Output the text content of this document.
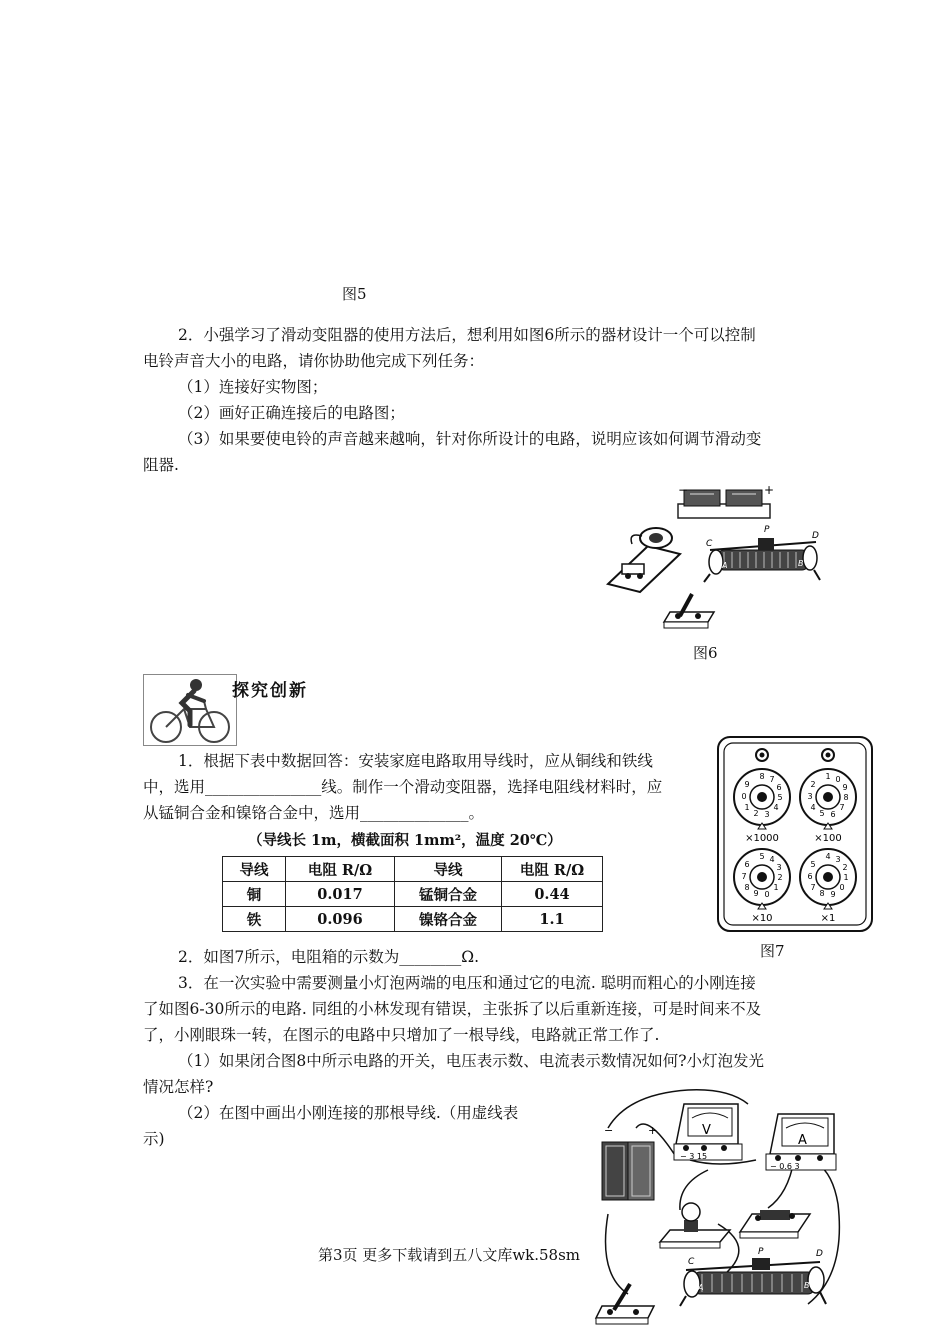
图5
2．小强学习了滑动变阻器的使用方法后，想利用如图6所示的器材设计一个可以控制
电铃声音大小的电路，请你协助他完成下列任务：
（1）连接好实物图；
（2）画好正确连接后的电路图；
（3）如果要使电铃的声音越来越响，针对你所设计的电路，说明应该如何调节滑动变
阻器.
−	+
C
P
D
A	B
图6
探究创新
1．根据下表中数据回答：安装家庭电路取用导线时，应从铜线和铁线
中，选用_______________线。制作一个滑动变阻器，选择电阻线材料时，应
从锰铜合金和镍铬合金中，选用______________。
（导线长 1m，横截面积 1mm²，温度 20℃）
导线	电阻 R/Ω	导线	电阻 R/Ω
铜	0.017	锰铜合金	0.44
铁	0.096	镍铬合金	1.1
8 7
6
5
4
3
2
1
0
9
1 0
9
8
7
6
5
4
3
2
5 4
3
2
1
0
9
8
7
6
4 3
2
1
0
9
8
7
6
5
×1000	×100
×10	×1
图7
2．如图7所示，电阻箱的示数为________Ω.
3．在一次实验中需要测量小灯泡两端的电压和通过它的电流. 聪明而粗心的小刚连接
了如图6-30所示的电路. 同组的小林发现有错误，主张拆了以后重新连接，可是时间来不及
了，小刚眼珠一转，在图示的电路中只增加了一根导线，电路就正常工作了.
（1）如果闭合图8中所示电路的开关，电压表示数、电流表示数情况如何?小灯泡发光
情况怎样?
（2）在图中画出小刚连接的那根导线.（用虚线表
示)	−	+	V
− 3 15
A
− 0.6 3
C
P	D
A	B
第3页 更多下载请到五八文库wk.58sm
